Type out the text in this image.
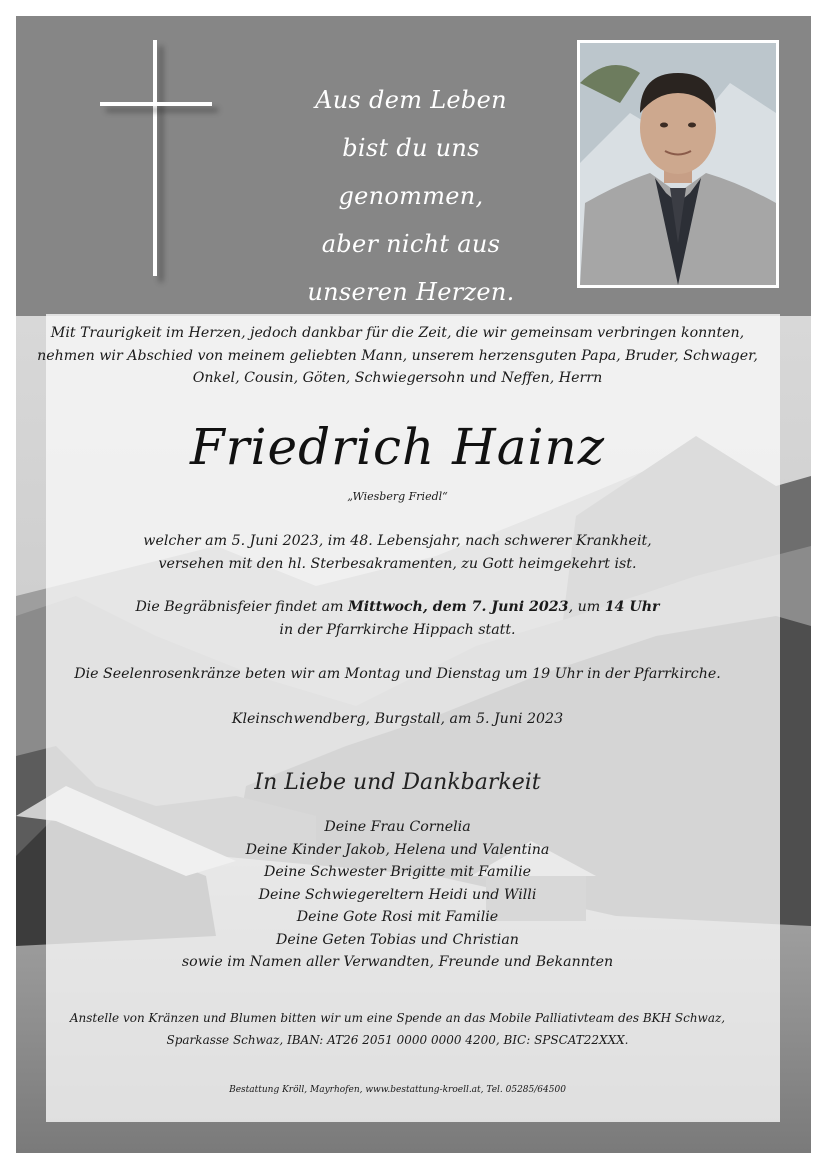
Aus dem Leben
bist du uns genommen,
aber nicht aus
unseren Herzen.
Mit Traurigkeit im Herzen, jedoch dankbar für die Zeit, die wir gemeinsam verbringen konnten,
nehmen wir Abschied von meinem geliebten Mann, unserem herzensguten Papa, Bruder, Schwager,
Onkel, Cousin, Göten, Schwiegersohn und Neffen, Herrn
Friedrich Hainz
„Wiesberg Friedl“
welcher am 5. Juni 2023, im 48. Lebensjahr, nach schwerer Krankheit,
versehen mit den hl. Sterbesakramenten, zu Gott heimgekehrt ist.
Die Begräbnisfeier findet am Mittwoch, dem 7. Juni 2023, um 14 Uhr
in der Pfarrkirche Hippach statt.
Die Seelenrosenkränze beten wir am Montag und Dienstag um 19 Uhr in der Pfarrkirche.
Kleinschwendberg, Burgstall, am 5. Juni 2023
In Liebe und Dankbarkeit
Deine Frau Cornelia
Deine Kinder Jakob, Helena und Valentina
Deine Schwester Brigitte mit Familie
Deine Schwiegereltern Heidi und Willi
Deine Gote Rosi mit Familie
Deine Geten Tobias und Christian
sowie im Namen aller Verwandten, Freunde und Bekannten
Anstelle von Kränzen und Blumen bitten wir um eine Spende an das Mobile Palliativteam des BKH Schwaz,
Sparkasse Schwaz, IBAN: AT26 2051 0000 0000 4200, BIC: SPSCAT22XXX.
Bestattung Kröll, Mayrhofen, www.bestattung-kroell.at, Tel. 05285/64500
